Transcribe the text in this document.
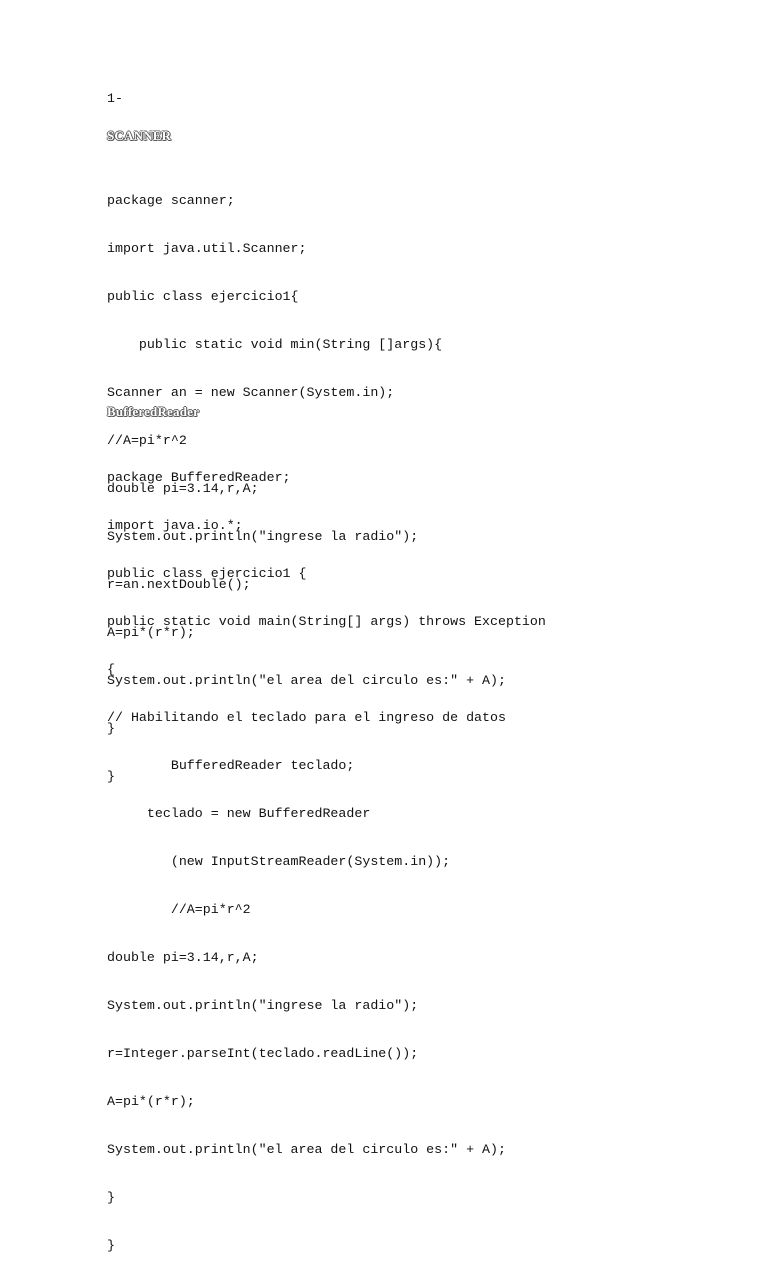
1-
SCANNER

package scanner;

import java.util.Scanner;

public class ejercicio1{

public static void min(String []args){

Scanner an = new Scanner(System.in);

//A=pi*r^2

double pi=3.14,r,A;

System.out.println("ingrese la radio");

r=an.nextDouble();

A=pi*(r*r);

System.out.println("el area del circulo es:" + A);

}

}

BufferedReader

package BufferedReader;

import java.io.*;

public class ejercicio1 {

public static void main(String[] args) throws Exception

{

// Habilitando el teclado para el ingreso de datos

BufferedReader teclado;

teclado = new BufferedReader

(new InputStreamReader(System.in));

//A=pi*r^2

double pi=3.14,r,A;

System.out.println("ingrese la radio");

r=Integer.parseInt(teclado.readLine());

A=pi*(r*r);

System.out.println("el area del circulo es:" + A);

}

}
